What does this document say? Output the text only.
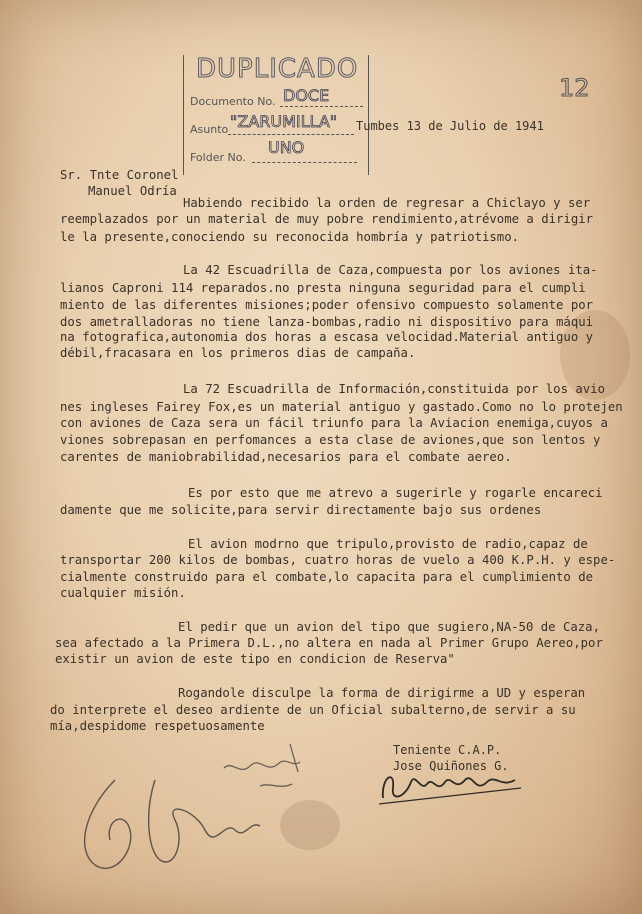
DUPLICADO
Documento No. DOCE
Asunto "ZARUMILLA"
Folder No.
UNO
12
Tumbes 13 de Julio de 1941
Sr. Tnte Coronel
Manuel Odría
Habiendo recibido la orden de regresar a Chiclayo y ser
reemplazados por un material de muy pobre rendimiento,atrévome a dirigir
le la presente,conociendo su reconocida hombría y patriotismo.
La 42 Escuadrilla de Caza,compuesta por los aviones ita-
lianos Caproni 114 reparados.no presta ninguna seguridad para el cumpli
miento de las diferentes misiones;poder ofensivo compuesto solamente por
dos ametralladoras no tiene lanza-bombas,radio ni dispositivo para máqui
na fotografica,autonomia dos horas a escasa velocidad.Material antiguo y
débil,fracasara en los primeros dias de campaña.
La 72 Escuadrilla de Información,constituida por los avio
nes ingleses Fairey Fox,es un material antiguo y gastado.Como no lo protejen
con aviones de Caza sera un fácil triunfo para la Aviacion enemiga,cuyos a
viones sobrepasan en perfomances a esta clase de aviones,que son lentos y
carentes de maniobrabilidad,necesarios para el combate aereo.
Es por esto que me atrevo a sugerirle y rogarle encareci
damente que me solicite,para servir directamente bajo sus ordenes
El avion modrno que tripulo,provisto de radio,capaz de
transportar 200 kilos de bombas, cuatro horas de vuelo a 400 K.P.H. y espe-
cialmente construido para el combate,lo capacita para el cumplimiento de
cualquier misión.
El pedir que un avion del tipo que sugiero,NA-50 de Caza,
sea afectado a la Primera D.L.,no altera en nada al Primer Grupo Aereo,por
existir un avion de este tipo en condicion de Reserva"
Rogandole disculpe la forma de dirigirme a UD y esperan
do interprete el deseo ardiente de un Oficial subalterno,de servir a su
mía,despidome respetuosamente
Teniente C.A.P.
Jose Quiñones G.
